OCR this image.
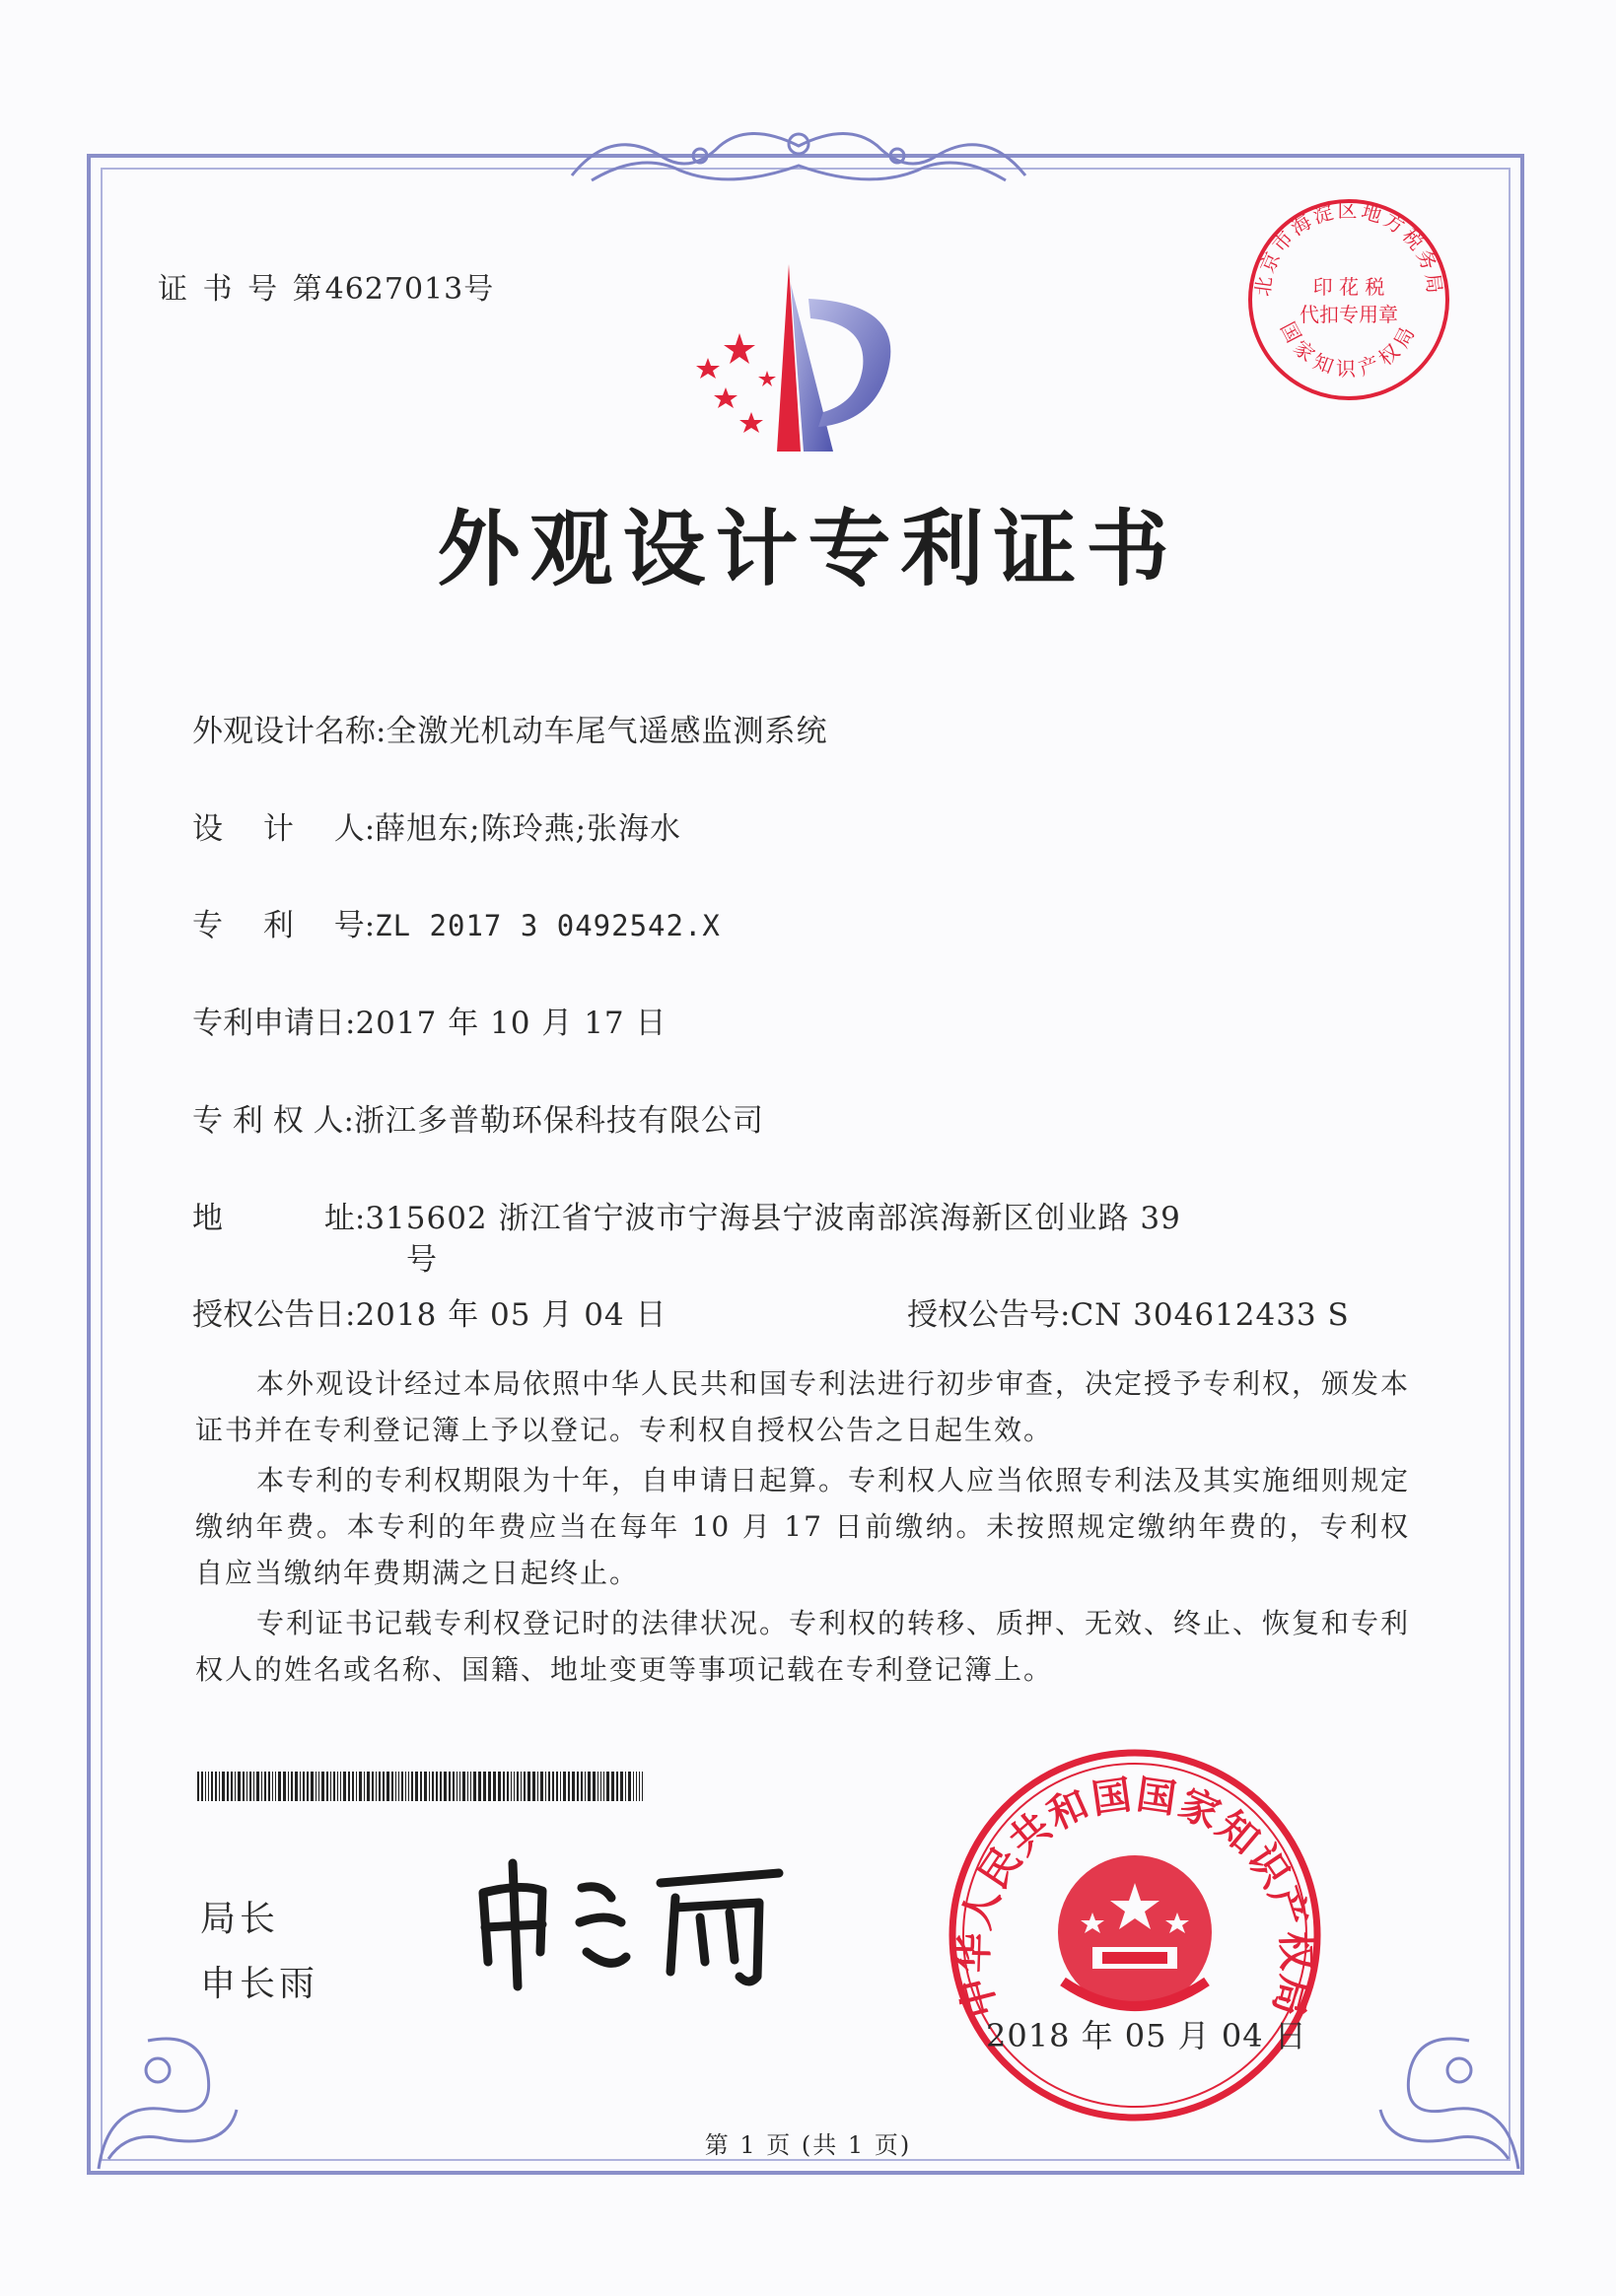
证 书 号 第4627013号	北京市海淀区地方税务局
国家知识产权局
印 花 税
代扣专用章
外观设计专利证书
外观设计名称:全激光机动车尾气遥感监测系统
设　 计　 人:薛旭东;陈玲燕;张海水
专　 利　 号:ZL 2017 3 0492542.X
专利申请日:2017 年 10 月 17 日
专 利 权 人:浙江多普勒环保科技有限公司
地　　　 址:315602 浙江省宁波市宁海县宁波南部滨海新区创业路 39
号
授权公告日:2018 年 05 月 04 日	授权公告号:CN 304612433 S

本外观设计经过本局依照中华人民共和国专利法进行初步审查，决定授予专利权，颁发本证书并在专利登记簿上予以登记。专利权自授权公告之日起生效。

本专利的专利权期限为十年，自申请日起算。专利权人应当依照专利法及其实施细则规定缴纳年费。本专利的年费应当在每年 10 月 17 日前缴纳。未按照规定缴纳年费的，专利权自应当缴纳年费期满之日起终止。

专利证书记载专利权登记时的法律状况。专利权的转移、质押、无效、终止、恢复和专利权人的姓名或名称、国籍、地址变更等事项记载在专利登记簿上。

局长
申长雨	中华人民共和国国家知识产权局
2018 年 05 月 04 日
第 1 页 (共 1 页)
